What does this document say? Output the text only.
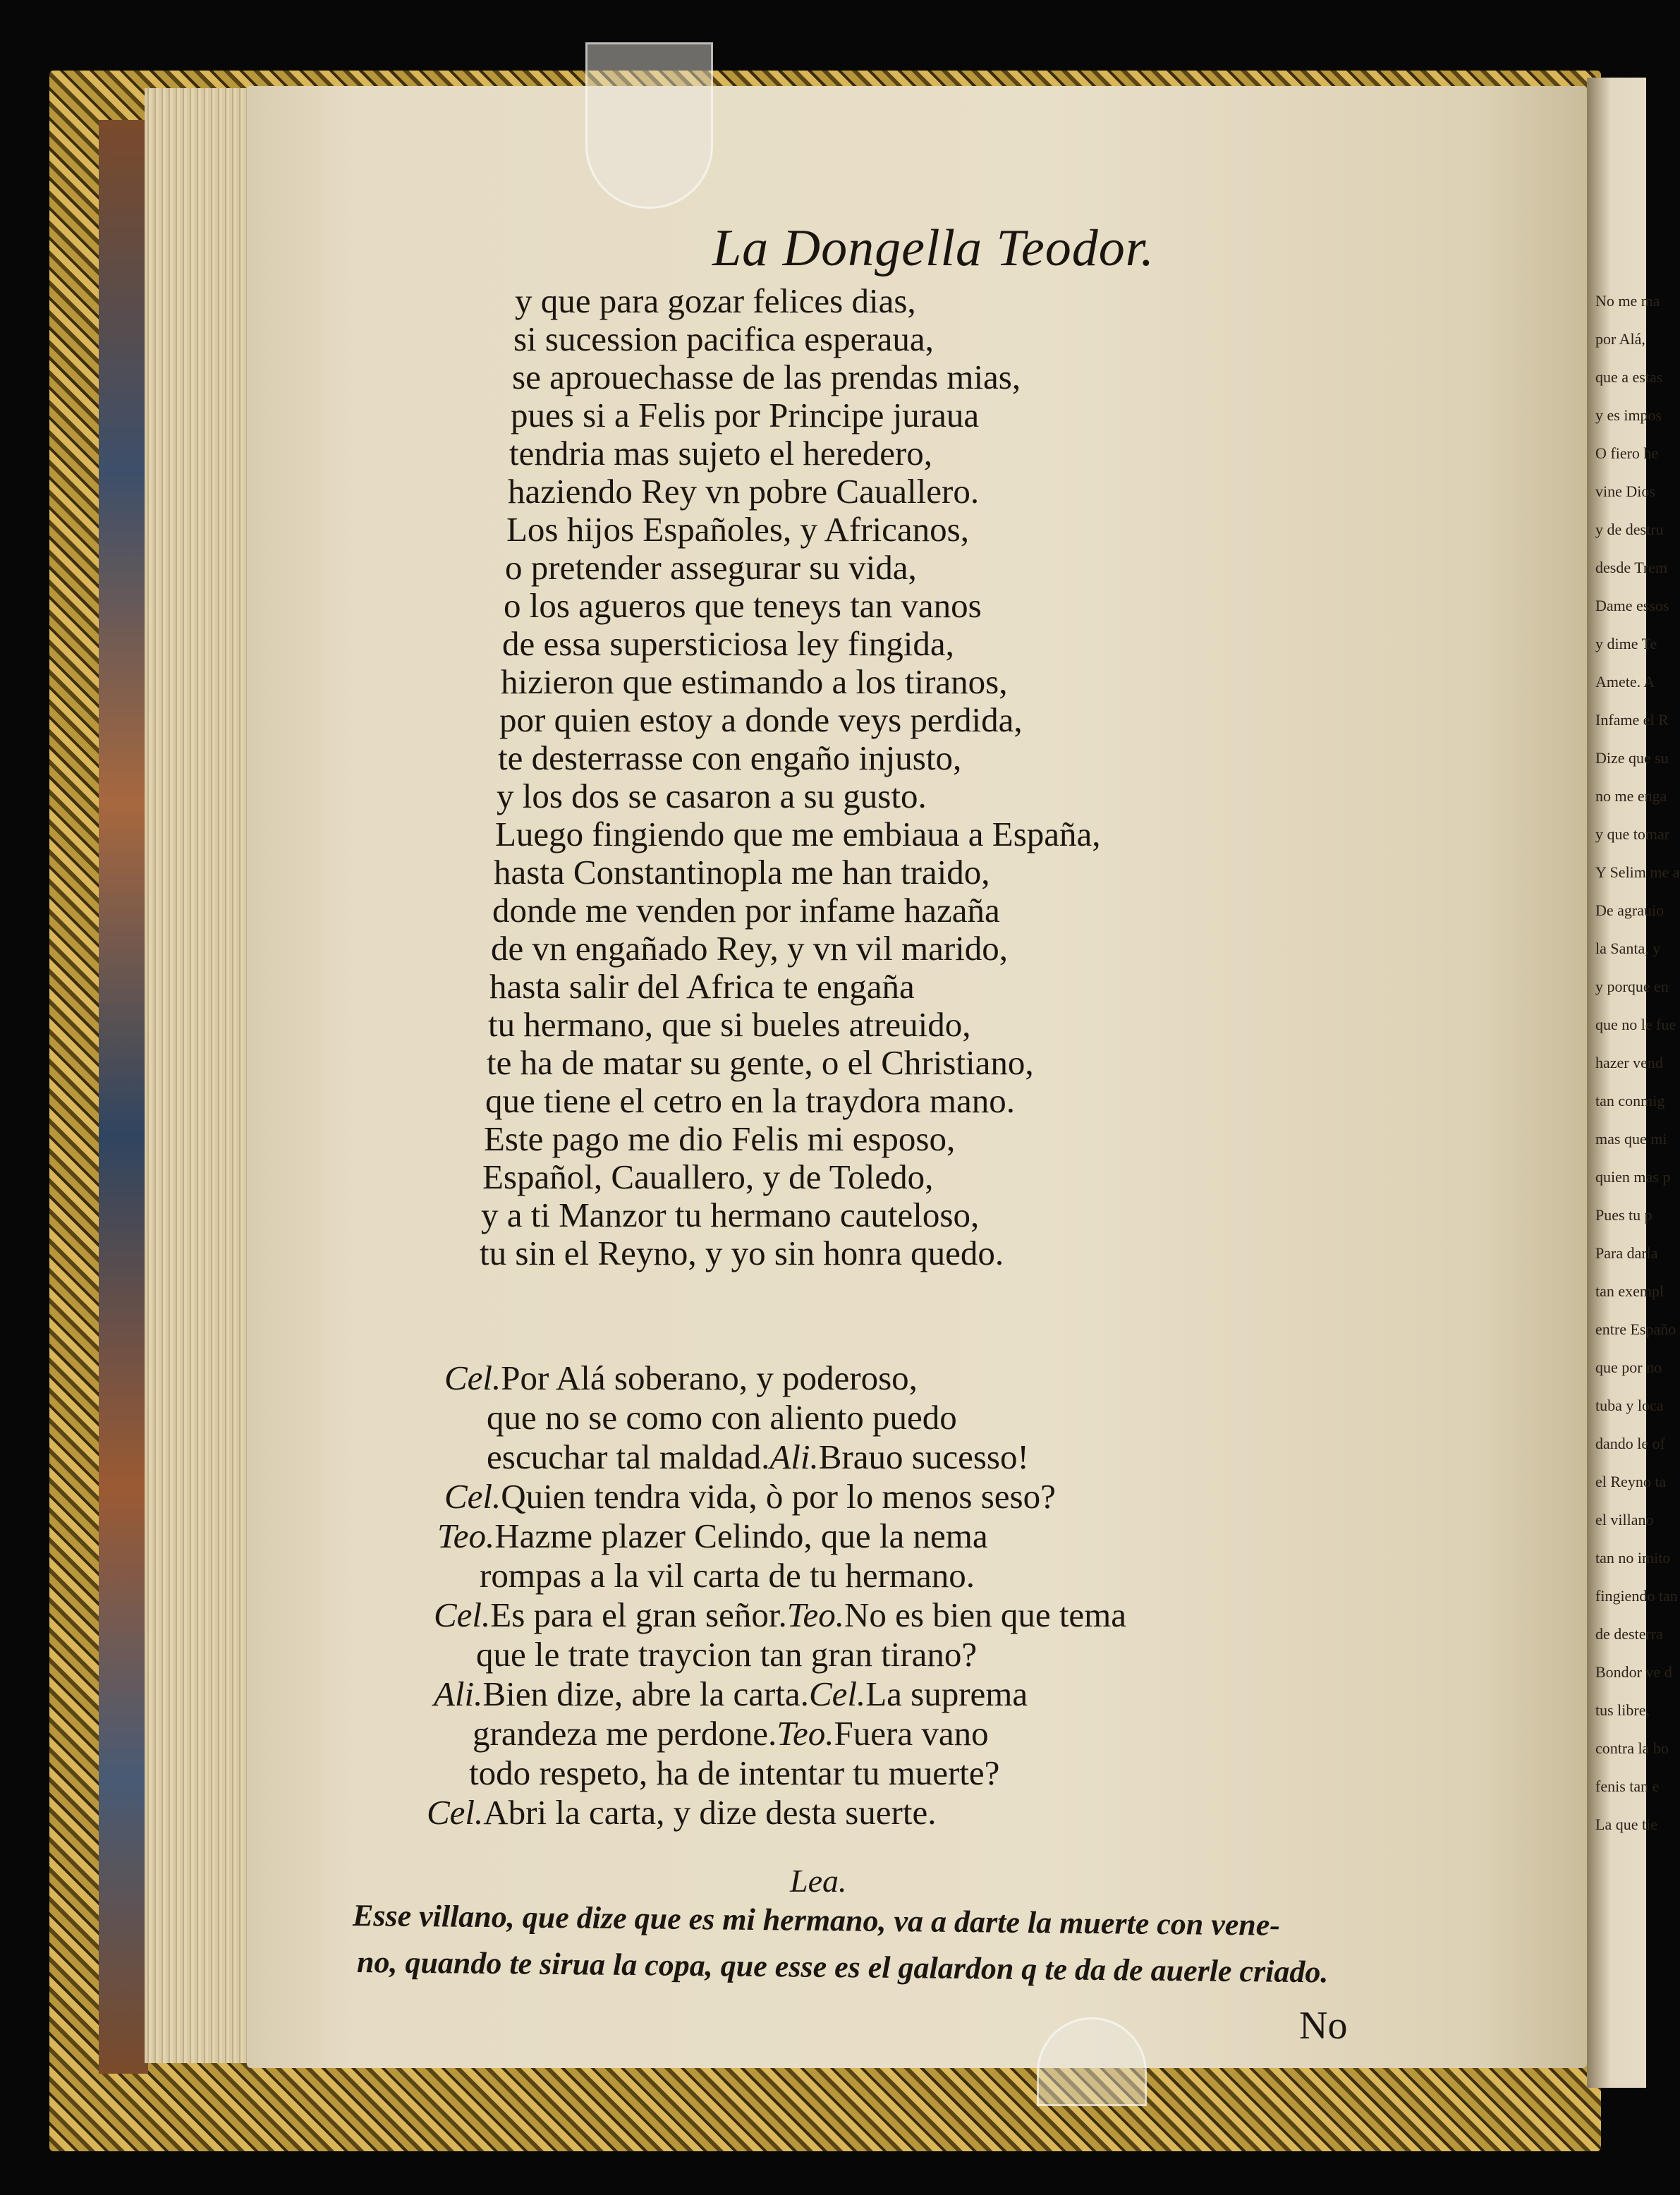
No me ma
por Alá,
que a estas
y es impos
O fiero he
vine Dios
y de destru
desde Trem
Dame essos
y dime Te
Amete. A
Infame el R
Dize que su
no me enga
y que tomar
Y Selim me a
De agrauio
la Santa, y
y porque en
que no le fue
hazer vend
tan conmig
mas que mi
quien mas p
Pues tu p
Para darla
tan exempl
entre Españo
que por no
tuba y loca
dando le of
el Reyno ta
el villano
tan no imito
fingiendo tan
de desterra
Bondor ve d
tus libre,
contra la bo
fenis tan e
La que tie
La Dongella Teodor.
y que para gozar felices dias,
si sucession pacifica esperaua,
se aprouechasse de las prendas mias,
pues si a Felis por Principe juraua
tendria mas sujeto el heredero,
haziendo Rey vn pobre Cauallero.
Los hijos Españoles, y Africanos,
o pretender assegurar su vida,
o los agueros que teneys tan vanos
de essa supersticiosa ley fingida,
hizieron que estimando a los tiranos,
por quien estoy a donde veys perdida,
te desterrasse con engaño injusto,
y los dos se casaron a su gusto.
Luego fingiendo que me embiaua a España,
hasta Constantinopla me han traido,
donde me venden por infame hazaña
de vn engañado Rey, y vn vil marido,
hasta salir del Africa te engaña
tu hermano, que si bueles atreuido,
te ha de matar su gente, o el Christiano,
que tiene el cetro en la traydora mano.
Este pago me dio Felis mi esposo,
Español, Cauallero, y de Toledo,
y a ti Manzor tu hermano cauteloso,
tu sin el Reyno, y yo sin honra quedo.
Cel.Por Alá soberano, y poderoso,
que no se como con aliento puedo
escuchar tal maldad.Ali.Brauo sucesso!
Cel.Quien tendra vida, ò por lo menos seso?
Teo.Hazme plazer Celindo, que la nema
rompas a la vil carta de tu hermano.
Cel.Es para el gran señor.Teo.No es bien que tema
que le trate traycion tan gran tirano?
Ali.Bien dize, abre la carta.Cel.La suprema
grandeza me perdone.Teo.Fuera vano
todo respeto, ha de intentar tu muerte?
Cel.Abri la carta, y dize desta suerte.
Lea.
Esse villano, que dize que es mi hermano, va a darte la muerte con vene-
no, quando te sirua la copa, que esse es el galardon q te da de auerle criado.
No
